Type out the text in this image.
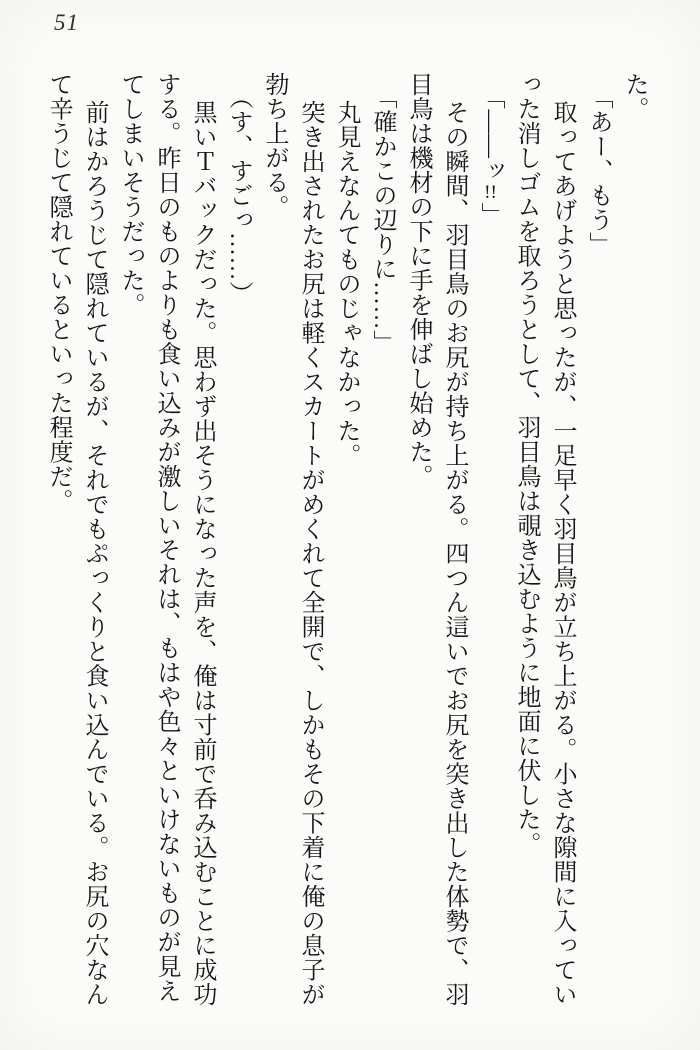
51
た。
「あー、もう」
取ってあげようと思ったが、一足早く羽目鳥が立ち上がる。小さな隙間に入ってい
った消しゴムを取ろうとして、羽目鳥は覗き込むように地面に伏した。
「――ッ!!」
その瞬間、羽目鳥のお尻が持ち上がる。四つん這いでお尻を突き出した体勢で、羽
目鳥は機材の下に手を伸ばし始めた。
「確かこの辺りに……」
丸見えなんてものじゃなかった。
突き出されたお尻は軽くスカートがめくれて全開で、しかもその下着に俺の息子が
勃ち上がる。
（す、すごっ……）
黒いＴバックだった。思わず出そうになった声を、俺は寸前で呑み込むことに成功
する。昨日のものよりも食い込みが激しいそれは、もはや色々といけないものが見え
てしまいそうだった。
前はかろうじて隠れているが、それでもぷっくりと食い込んでいる。お尻の穴なん
て辛うじて隠れているといった程度だ。
